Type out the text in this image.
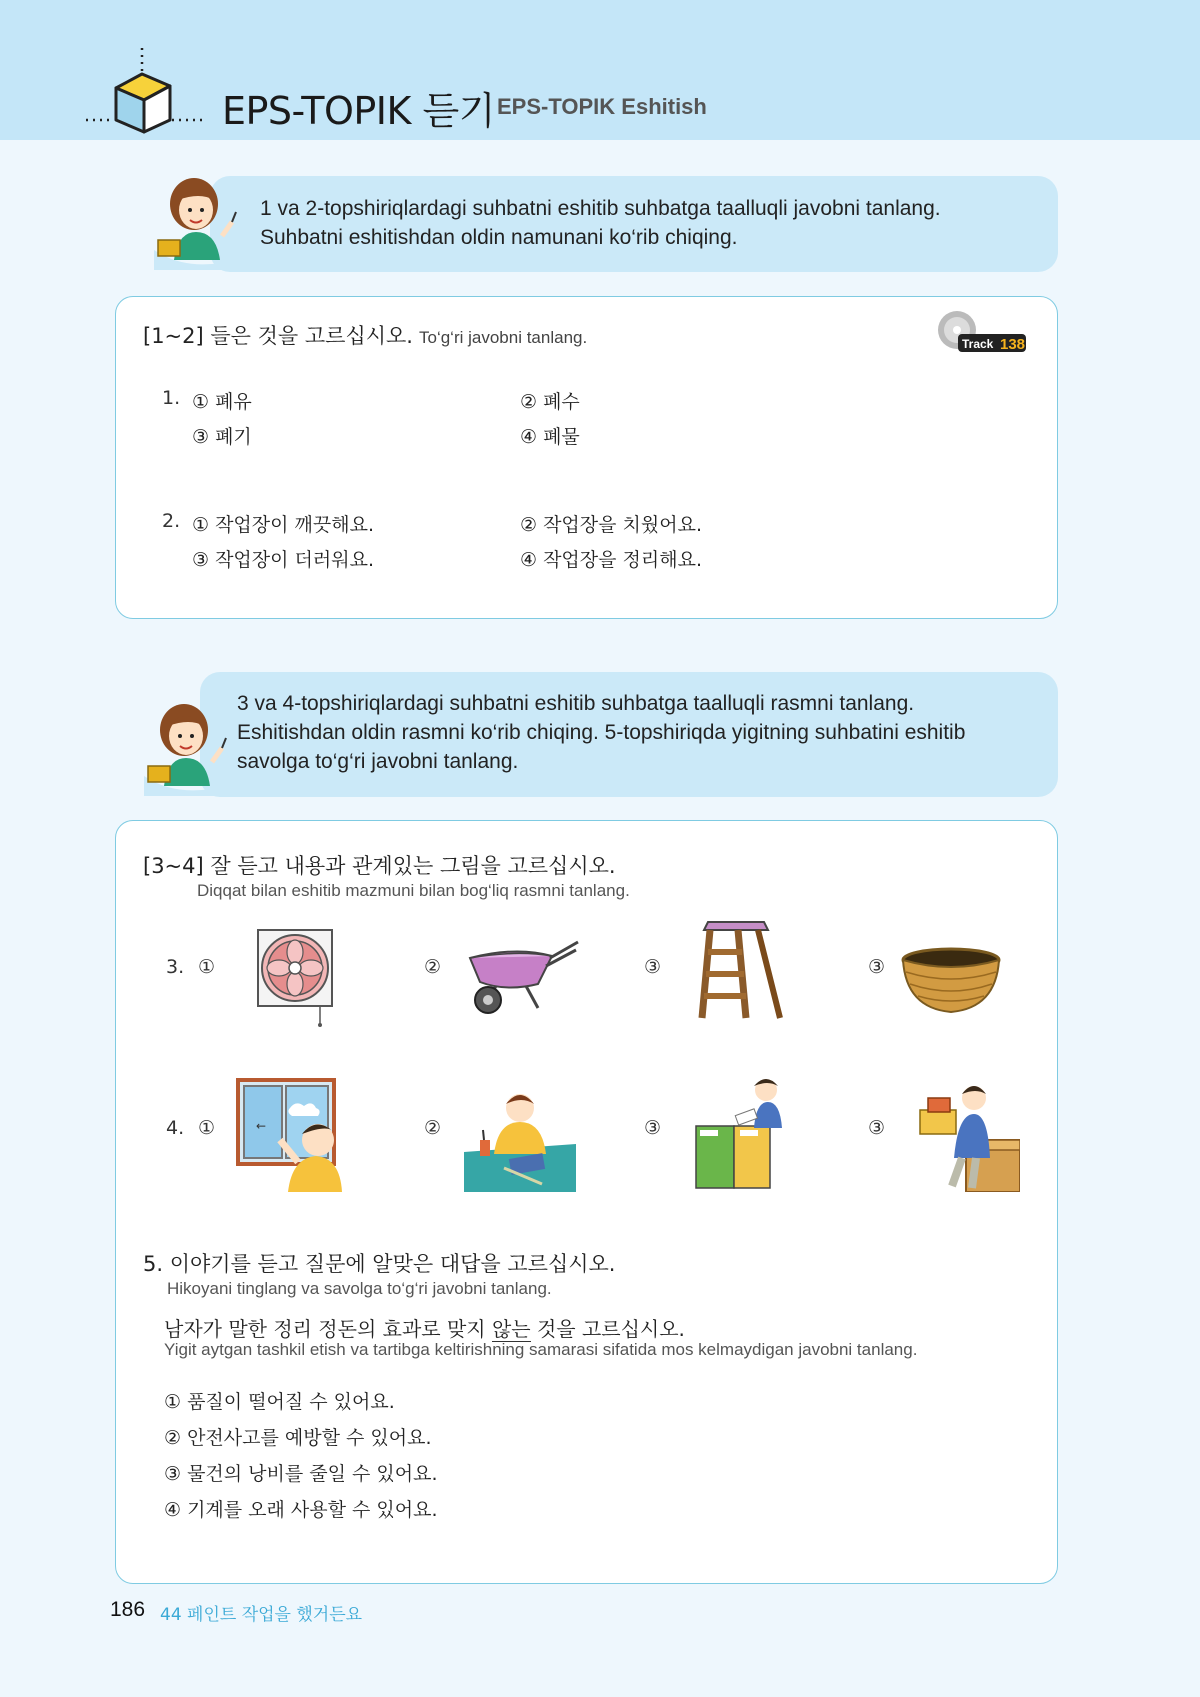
EPS-TOPIK 듣기 EPS-TOPIK Eshitish
1 va 2-topshiriqlardagi suhbatni eshitib suhbatga taalluqli javobni tanlang.
Suhbatni eshitishdan oldin namunani ko‘rib chiqing.
[1~2] 들은 것을 고르십시오. To‘g‘ri javobni tanlang.	Track 138
1. ① 폐유	② 폐수
③ 폐기	④ 폐물
2. ① 작업장이 깨끗해요.	② 작업장을 치웠어요.
③ 작업장이 더러워요.	④ 작업장을 정리해요.
3 va 4-topshiriqlardagi suhbatni eshitib suhbatga taalluqli rasmni tanlang.
Eshitishdan oldin rasmni ko‘rib chiqing. 5-topshiriqda yigitning suhbatini eshitib
savolga to‘g‘ri javobni tanlang.
[3~4] 잘 듣고 내용과 관계있는 그림을 고르십시오.
Diqqat bilan eshitib mazmuni bilan bog‘liq rasmni tanlang.
3. ①	②	③	③
4. ①	②	③	③
←
5. 이야기를 듣고 질문에 알맞은 대답을 고르십시오.
Hikoyani tinglang va savolga to‘g‘ri javobni tanlang.
남자가 말한 정리 정돈의 효과로 맞지 않는 것을 고르십시오.
Yigit aytgan tashkil etish va tartibga keltirishning samarasi sifatida mos kelmaydigan javobni tanlang.
① 품질이 떨어질 수 있어요.
② 안전사고를 예방할 수 있어요.
③ 물건의 낭비를 줄일 수 있어요.
④ 기계를 오래 사용할 수 있어요.
186 44 페인트 작업을 했거든요
